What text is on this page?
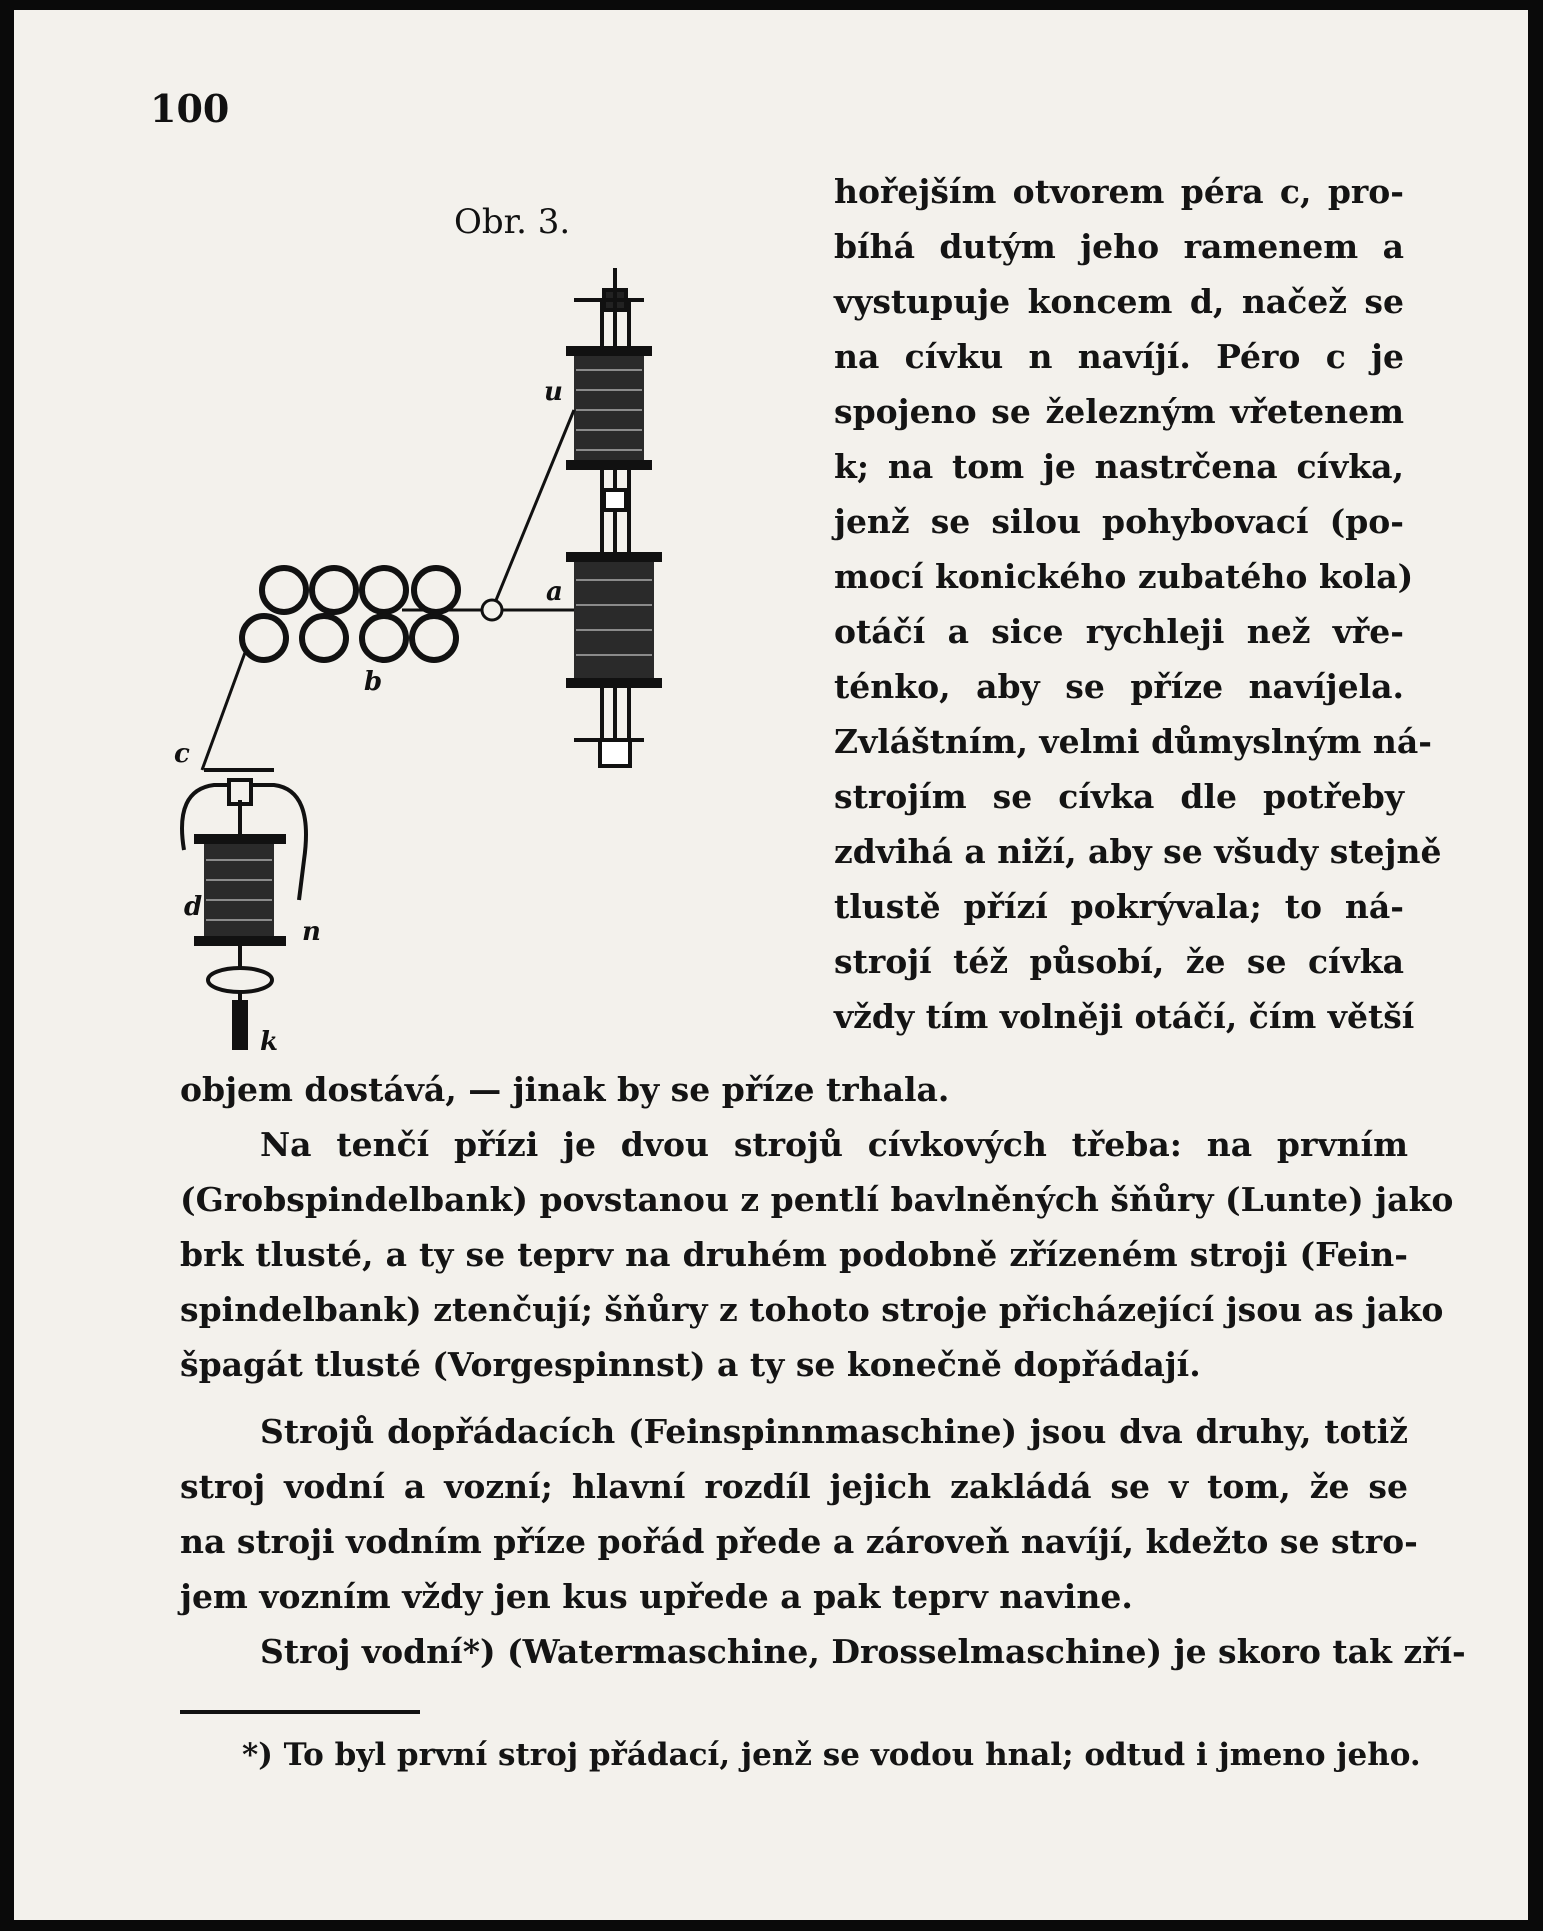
100
Obr. 3.
u
a
b
c
d
n
k
hořejším otvorem péra c, pro-
bíhá dutým jeho ramenem a
vystupuje koncem d, načež se
na cívku n navíjí. Péro c je
spojeno se železným vřetenem
k; na tom je nastrčena cívka,
jenž se silou pohybovací (po-
mocí konického zubatého kola)
otáčí a sice rychleji než vře-
ténko, aby se příze navíjela.
Zvláštním, velmi důmyslným ná-
strojím se cívka dle potřeby
zdvihá a niží, aby se všudy stejně
tlustě přízí pokrývala; to ná-
strojí též působí, že se cívka
vždy tím volněji otáčí, čím větší
objem dostává, — jinak by se příze trhala.
Na tenčí přízi je dvou strojů cívkových třeba: na prvním
(Grobspindelbank) povstanou z pentlí bavlněných šňůry (Lunte) jako
brk tlusté, a ty se teprv na druhém podobně zřízeném stroji (Fein-
spindelbank) ztenčují; šňůry z tohoto stroje přicházející jsou as jako
špagát tlusté (Vorgespinnst) a ty se konečně dopřádají.
Strojů dopřádacích (Feinspinnmaschine) jsou dva druhy, totiž
stroj vodní a vozní; hlavní rozdíl jejich zakládá se v tom, že se
na stroji vodním příze pořád přede a zároveň navíjí, kdežto se stro-
jem vozním vždy jen kus upřede a pak teprv navine.
Stroj vodní*) (Watermaschine, Drosselmaschine) je skoro tak zří-
*) To byl první stroj přádací, jenž se vodou hnal; odtud i jmeno jeho.
